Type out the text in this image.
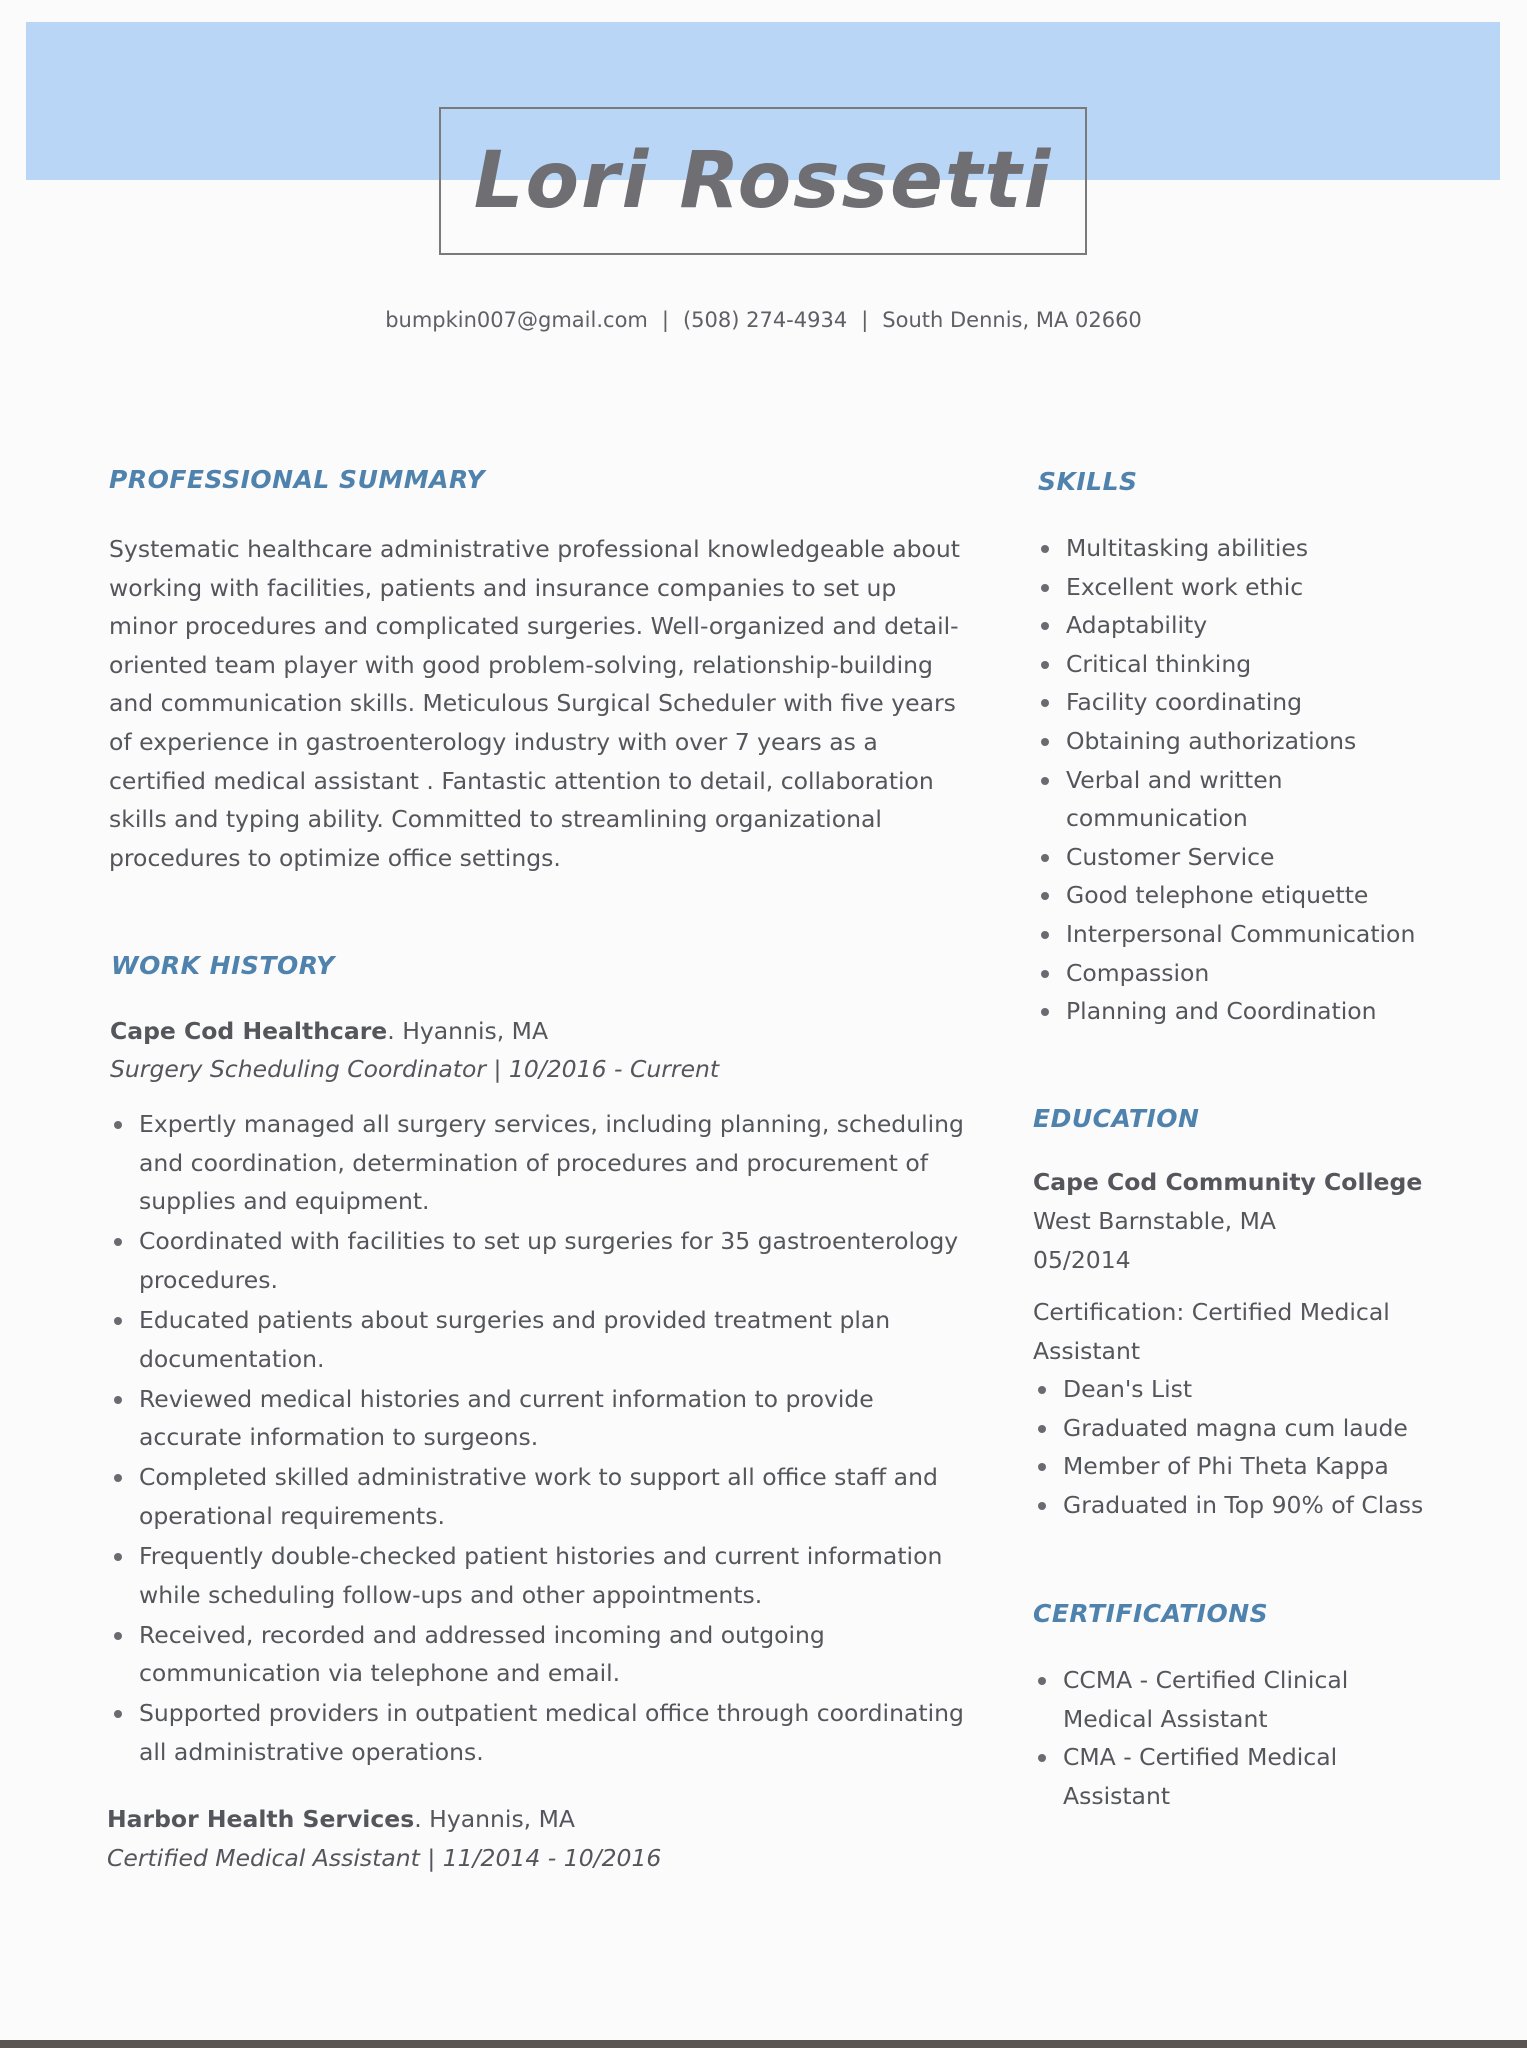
Lori Rossetti
bumpkin007@gmail.com | (508) 274-4934 | South Dennis, MA 02660
PROFESSIONAL SUMMARY
Systematic healthcare administrative professional knowledgeable about working with facilities, patients and insurance companies to set up minor procedures and complicated surgeries. Well-organized and detail-oriented team player with good problem-solving, relationship-building and communication skills. Meticulous Surgical Scheduler with five years of experience in gastroenterology industry with over 7 years as a certified medical assistant . Fantastic attention to detail, collaboration skills and typing ability. Committed to streamlining organizational procedures to optimize office settings.
WORK HISTORY
Cape Cod Healthcare. Hyannis, MA
Surgery Scheduling Coordinator | 10/2016 - Current
Expertly managed all surgery services, including planning, scheduling and coordination, determination of procedures and procurement of supplies and equipment.
Coordinated with facilities to set up surgeries for 35 gastroenterology procedures.
Educated patients about surgeries and provided treatment plan documentation.
Reviewed medical histories and current information to provide accurate information to surgeons.
Completed skilled administrative work to support all office staff and operational requirements.
Frequently double-checked patient histories and current information while scheduling follow-ups and other appointments.
Received, recorded and addressed incoming and outgoing communication via telephone and email.
Supported providers in outpatient medical office through coordinating all administrative operations.
Harbor Health Services. Hyannis, MA
Certified Medical Assistant | 11/2014 - 10/2016
SKILLS
Multitasking abilities
Excellent work ethic
Adaptability
Critical thinking
Facility coordinating
Obtaining authorizations
Verbal and written communication
Customer Service
Good telephone etiquette
Interpersonal Communication
Compassion
Planning and Coordination
EDUCATION
Cape Cod Community College
West Barnstable, MA
05/2014
Certification: Certified Medical Assistant
Dean's List
Graduated magna cum laude
Member of Phi Theta Kappa
Graduated in Top 90% of Class
CERTIFICATIONS
CCMA - Certified Clinical Medical Assistant
CMA - Certified Medical Assistant
